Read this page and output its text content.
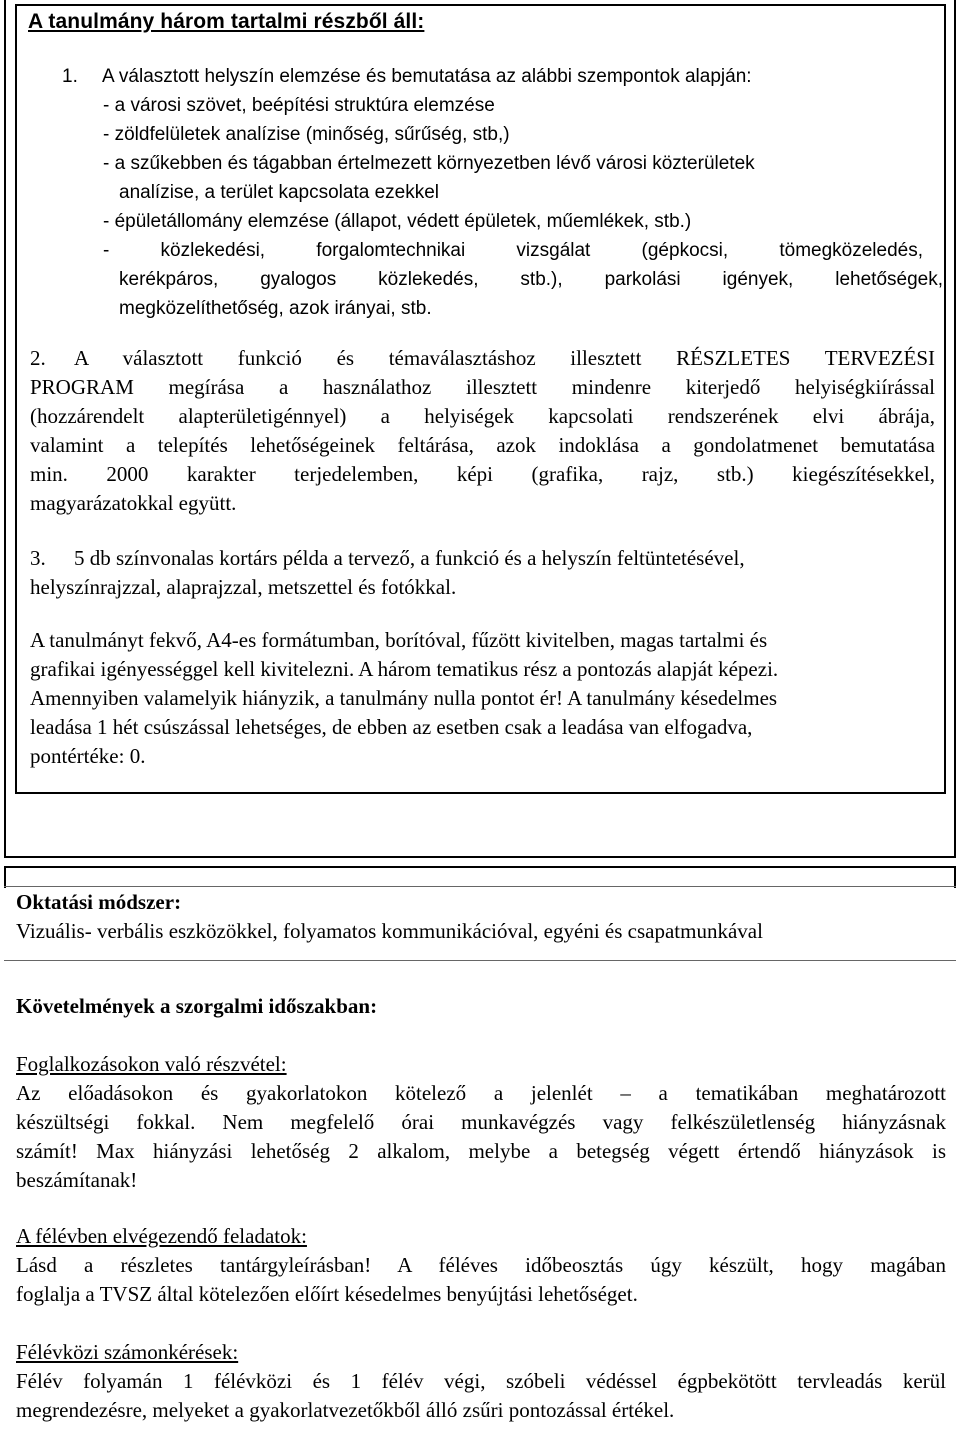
A tanulmány három tartalmi részből áll:
1. A választott helyszín elemzése és bemutatása az alábbi szempontok alapján:
- a városi szövet, beépítési struktúra elemzése
- zöldfelületek analízise (minőség, sűrűség, stb,)
- a szűkebben és tágabban értelmezett környezetben lévő városi közterületek
analízise, a terület kapcsolata ezekkel
- épületállomány elemzése (állapot, védett épületek, műemlékek, stb.)
- közlekedési, forgalomtechnikai vizsgálat (gépkocsi, tömegközeledés,
kerékpáros, gyalogos közlekedés, stb.), parkolási igények, lehetőségek,
megközelíthetőség, azok irányai, stb.
2. A választott funkció és témaválasztáshoz illesztett RÉSZLETES TERVEZÉSI
PROGRAM megírása a használathoz illesztett mindenre kiterjedő helyiségkiírással
(hozzárendelt alapterületigénnyel) a helyiségek kapcsolati rendszerének elvi ábrája,
valamint a telepítés lehetőségeinek feltárása, azok indoklása a gondolatmenet bemutatása
min. 2000 karakter terjedelemben, képi (grafika, rajz, stb.) kiegészítésekkel,
magyarázatokkal együtt.
3. 5 db színvonalas kortárs példa a tervező, a funkció és a helyszín feltüntetésével,
helyszínrajzzal, alaprajzzal, metszettel és fotókkal.
A tanulmányt fekvő, A4-es formátumban, borítóval, fűzött kivitelben, magas tartalmi és
grafikai igényességgel kell kivitelezni. A három tematikus rész a pontozás alapját képezi.
Amennyiben valamelyik hiányzik, a tanulmány nulla pontot ér! A tanulmány késedelmes
leadása 1 hét csúszással lehetséges, de ebben az esetben csak a leadása van elfogadva,
pontértéke: 0.
Oktatási módszer:
Vizuális- verbális eszközökkel, folyamatos kommunikációval, egyéni és csapatmunkával
Követelmények a szorgalmi időszakban:
Foglalkozásokon való részvétel:
Az előadásokon és gyakorlatokon kötelező a jelenlét – a tematikában meghatározott
készültségi fokkal. Nem megfelelő órai munkavégzés vagy felkészületlenség hiányzásnak
számít! Max hiányzási lehetőség 2 alkalom, melybe a betegség végett értendő hiányzások is
beszámítanak!
A félévben elvégezendő feladatok:
Lásd a részletes tantárgyleírásban! A féléves időbeosztás úgy készült, hogy magában
foglalja a TVSZ által kötelezően előírt késedelmes benyújtási lehetőséget.
Félévközi számonkérések:
Félév folyamán 1 félévközi és 1 félév végi, szóbeli védéssel égpbekötött tervleadás kerül
megrendezésre, melyeket a gyakorlatvezetőkből álló zsűri pontozással értékel.
